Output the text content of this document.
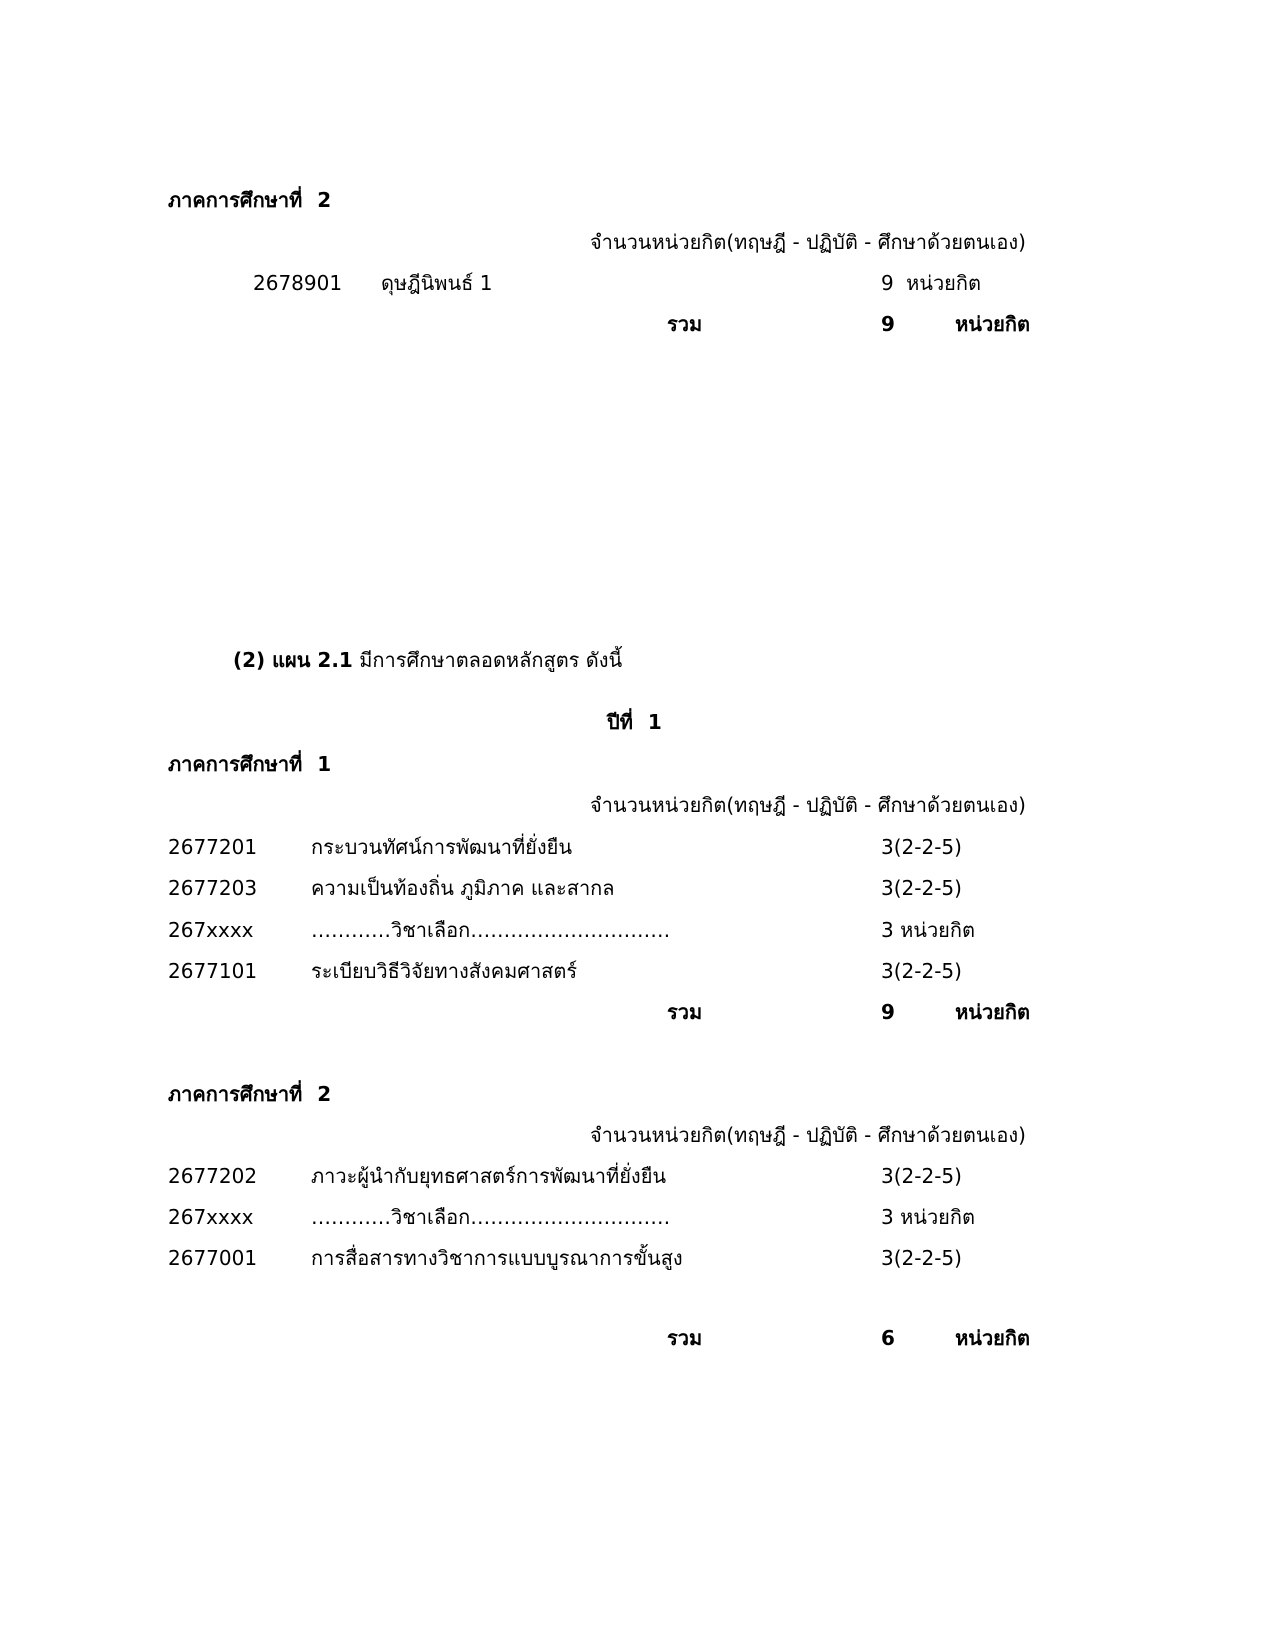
ภาคการศึกษาที่ 2
จำนวนหน่วยกิต(ทฤษฎี - ปฏิบัติ - ศึกษาด้วยตนเอง)
2678901 ดุษฎีนิพนธ์ 1	9 หน่วยกิต
รวม	9	หน่วยกิต
(2) แผน 2.1 มีการศึกษาตลอดหลักสูตร ดังนี้
ปีที่ 1
ภาคการศึกษาที่ 1
จำนวนหน่วยกิต(ทฤษฎี - ปฏิบัติ - ศึกษาด้วยตนเอง)
2677201	กระบวนทัศน์การพัฒนาที่ยั่งยืน	3(2-2-5)
2677203	ความเป็นท้องถิ่น ภูมิภาค และสากล	3(2-2-5)
267xxxx	…………วิชาเลือก…………………………	3 หน่วยกิต
2677101	ระเบียบวิธีวิจัยทางสังคมศาสตร์	3(2-2-5)
รวม	9	หน่วยกิต
ภาคการศึกษาที่ 2
จำนวนหน่วยกิต(ทฤษฎี - ปฏิบัติ - ศึกษาด้วยตนเอง)
2677202	ภาวะผู้นำกับยุทธศาสตร์การพัฒนาที่ยั่งยืน	3(2-2-5)
267xxxx	…………วิชาเลือก…………………………	3 หน่วยกิต
2677001	การสื่อสารทางวิชาการแบบบูรณาการขั้นสูง	3(2-2-5)
รวม	6	หน่วยกิต
